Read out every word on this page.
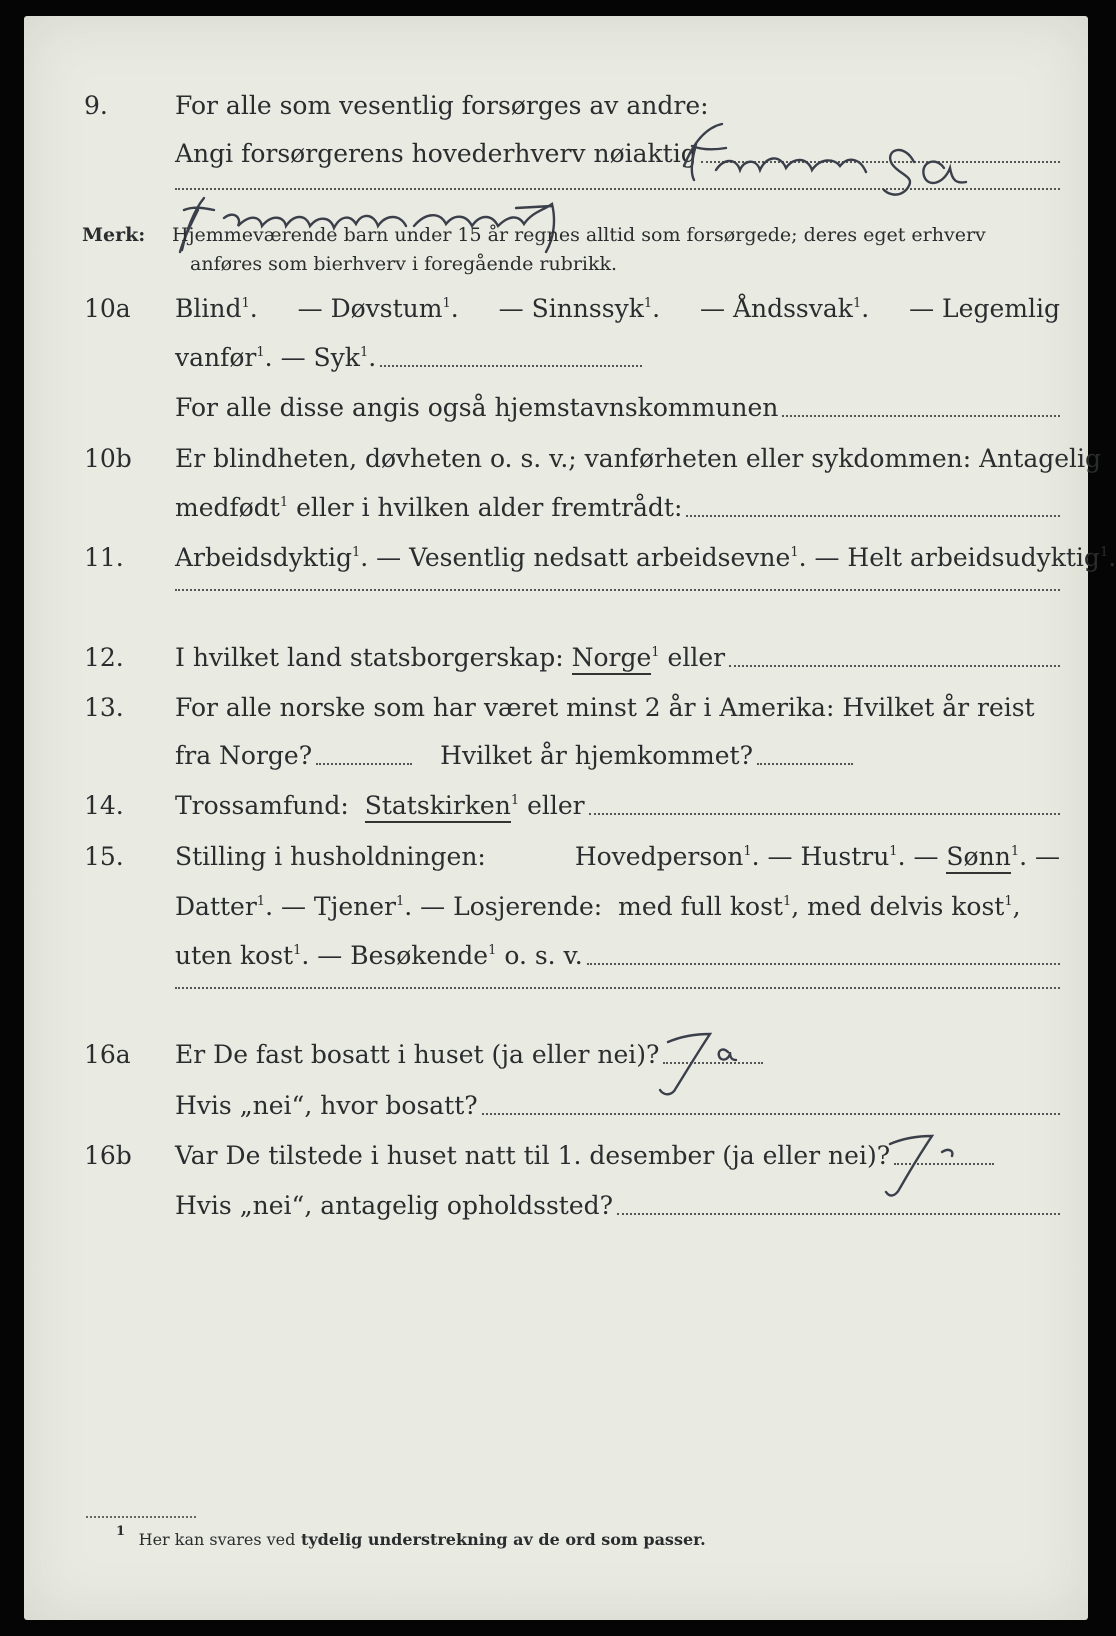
9.	For alle som vesentlig forsørges av andre:
Angi forsørgerens hovederhverv nøiaktig
Merk: Hjemmeværende barn under 15 år regnes alltid som forsørgede; deres eget erhverv
anføres som bierhverv i foregående rubrikk.
10a Blind$^1$. — Døvstum$^1$. — Sinnssyk$^1$. — Åndssvak$^1$. — Legemlig
vanfør$^1$. — Syk$^1$.
For alle disse angis også hjemstavnskommunen
10b Er blindheten, døvheten o. s. v.; vanførheten eller sykdommen: Antagelig
medfødt$^1$ eller i hvilken alder fremtrådt:
11. Arbeidsdyktig$^1$. — Vesentlig nedsatt arbeidsevne$^1$. — Helt arbeidsudyktig$^1$.
12. I hvilket land statsborgerskap:
Norge$^1$ eller
13. For alle norske som har været minst 2 år i Amerika: Hvilket år reist
fra Norge?	Hvilket år hjemkommet?
14. Trossamfund:
Statskirken$^1$ eller
15. Stilling i husholdningen:	Hovedperson$^1$. — Hustru$^1$. — Sønn$^1$. —
Datter$^1$. — Tjener$^1$. — Losjerende: med full kost$^1$, med delvis kost$^1$,
uten kost$^1$ . — Besøkende$^1$ o. s. v.
16a Er De fast bosatt i huset (ja eller nei)?
Hvis „nei“, hvor bosatt?
16b Var De tilstede i huset natt til 1. desember (ja eller nei)?
Hvis „nei“, antagelig opholdssted?
$^1$ Her kan svares ved tydelig understrekning av de ord som passer.
